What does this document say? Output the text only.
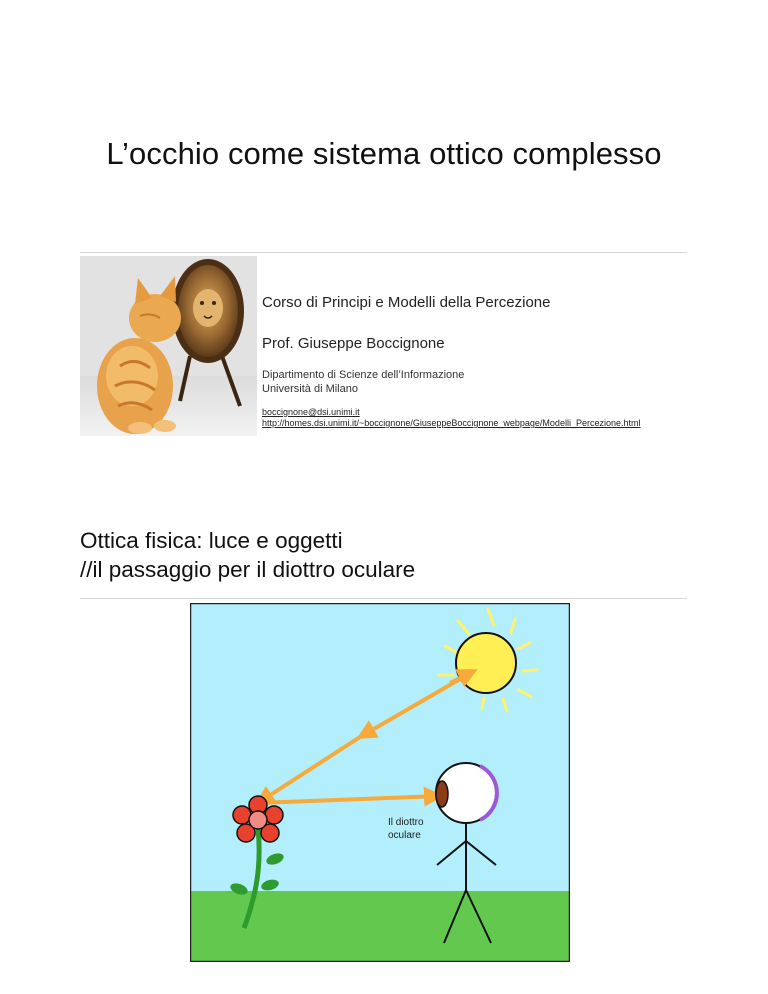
L’occhio come sistema ottico complesso
Corso di Principi e Modelli della Percezione
Prof. Giuseppe Boccignone
Dipartimento di Scienze dell’Informazione
Università di Milano
boccignone@dsi.unimi.it
http://homes.dsi.unimi.it/~boccignone/GiuseppeBoccignone_webpage/Modelli_Percezione.html
Ottica fisica: luce e oggetti
//il passaggio per il diottro oculare
Il diottro
oculare
